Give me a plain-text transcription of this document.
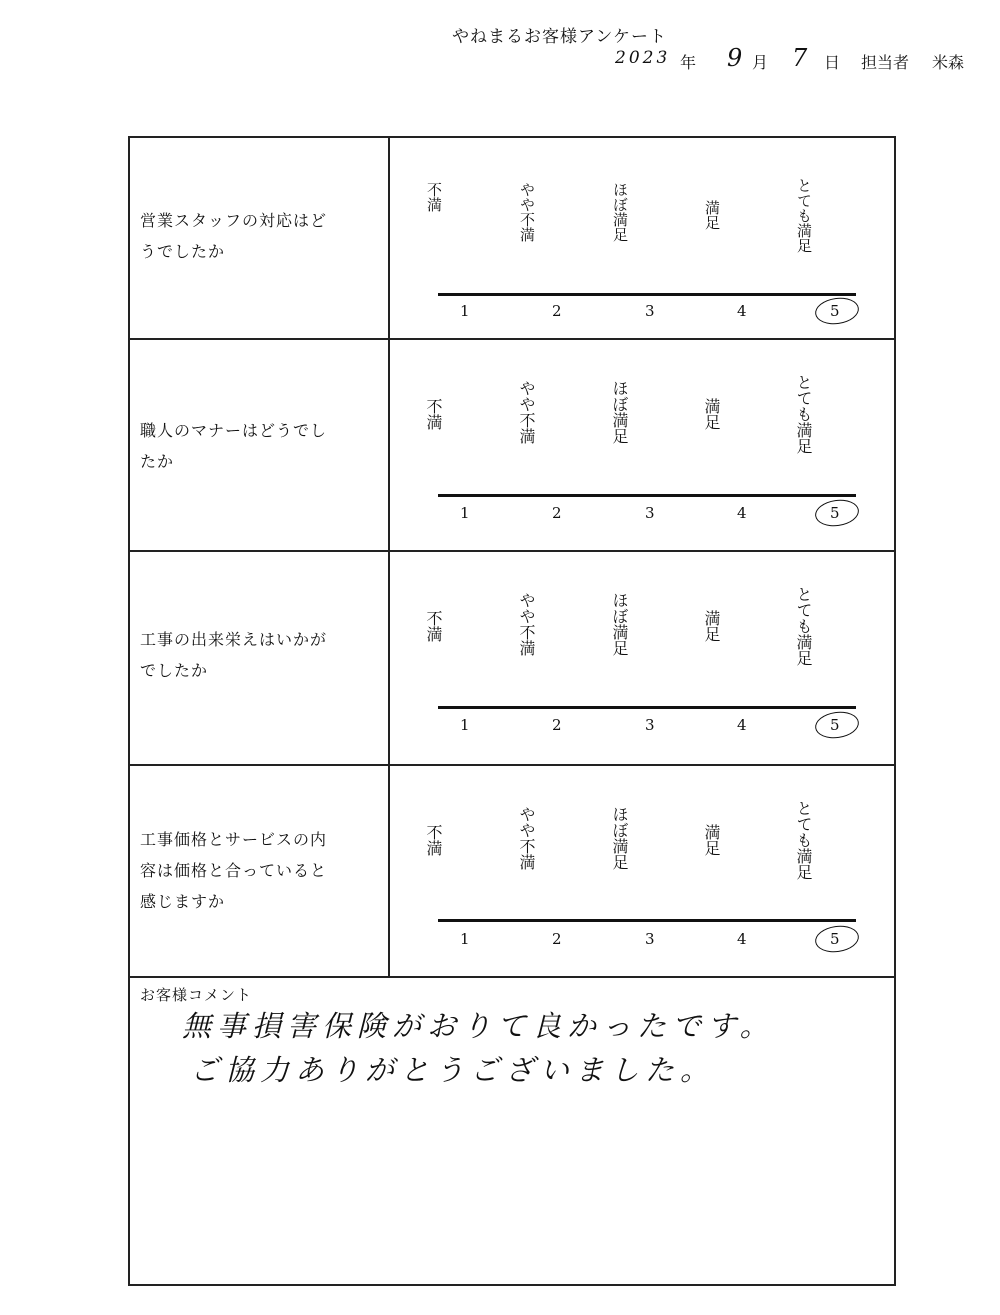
やねまるお客様アンケート
2023 年 9 月 7 日 担当者 米森
営業スタッフの対応はど
うでしたか
不満	やや不満	ほぼ満足	満足	とても満足
1	2	3	4	5
職人のマナーはどうでし
たか
不満	やや不満	ほぼ満足	満足	とても満足
1	2	3	4	5
工事の出来栄えはいかが
でしたか
不満	やや不満	ほぼ満足	満足	とても満足
1	2	3	4	5
工事価格とサービスの内
容は価格と合っていると
感じますか
不満	やや不満	ほぼ満足	満足	とても満足
1	2	3	4	5
お客様コメント
無事損害保険がおりて良かったです。
ご協力ありがとうございました。
